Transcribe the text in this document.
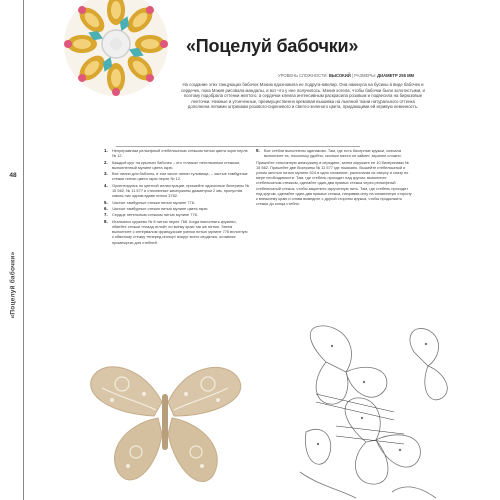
48
«Поцелуй бабочки»
«Поцелуй бабочки»
УРОВЕНЬ СЛОЖНОСТИ: ВЫСОКИЙ | РАЗМЕРЫ: ДИАМЕТР 255 ММ

На создание этих танцующих бабочек Мэкию вдохновила ее подруга-ювелир. Она накинула на бусины в виде бабочек и сердечек, пока Мэкия рисовала мандалы, и вот что у нее получилось. Мэкия хотела, чтобы бабочки были золотистыми, и поэтому подобрала оттенки желтого, а сердечки клеила интенсивным раскрасила розовым и подвесила на бирюзовые ленточки. Нежные и утонченные, преимущественно кремовая вышивка на льняной ткани натурального оттенка дополнена легкими штрихами розового-сиреневого и светло-зеленого цвета, придающими ей игривую невинность.

1.	Непрерывным рельефный стебельчатым стежком нитью цвета экрю перле № 12.
2.	Каждый круг на крыльях бабочек – это «глазок» петельчатым стежком, выполненный мулине цвета экрю.
3.	Все линии для бабочек, в том числе линии туловища, – частые тамбурные стежки нитью цвета экрю перле № 12.
4.	Ориентируясь по цветной иллюстрации, пришейте одиночные бисерины № 15 562, № 11 577 и стеклянные жемчужины диаметром 2 мм, пропустив сквозь них одним вдове нитью 3782.
5.	Частые тамбурные стежки нитью мулине 776.
6.	Частые тамбурные стежки нитью мулине цвета экрю.
7.	Сердце петельным стежком нитью мулине 776.
8.	Итальянко кружево № 8 нитью перле 768. Когда выполнять кружево, обвейте стежки «назад иглой» по всему краю так же нитью. Затем выполните с интервалом французские узелки нитью мулине 776 вплотную к обвитому стежку «вперед иголку» вокруг всего сердечка, оставляя промежутки для стеблей.
9.	Все стебли выполнены одинаково. Там, где есть бисерные кружки, сначала выполните их, поскольку удобно, сколько места он займет, заранее сложно.

Пришейте стеклянную жемчужину в середине, затем окружите ее 10 бисеринами № 15 562. Пришейте две бисерины № 11 577 где показано. Вышейте стебельчатый и узлом шестью нитью мулине 524 в одно сложение, располагая их сверху и снизу по мере необходимости. Там, где стебель проходит над кругом, выполните стебельчатым стежком, сделайте один-два прямых стежка через рельефный стебельчатый стежок, чтобы закрепить скрученную нить. Там, где стебель проходит под кругом, сделайте один-два прямых стежка, направив иглу на изнаночную сторону к внешнему краю и снова выведите с другой стороны кружка, чтобы продолжить стежки до конца стебля.
